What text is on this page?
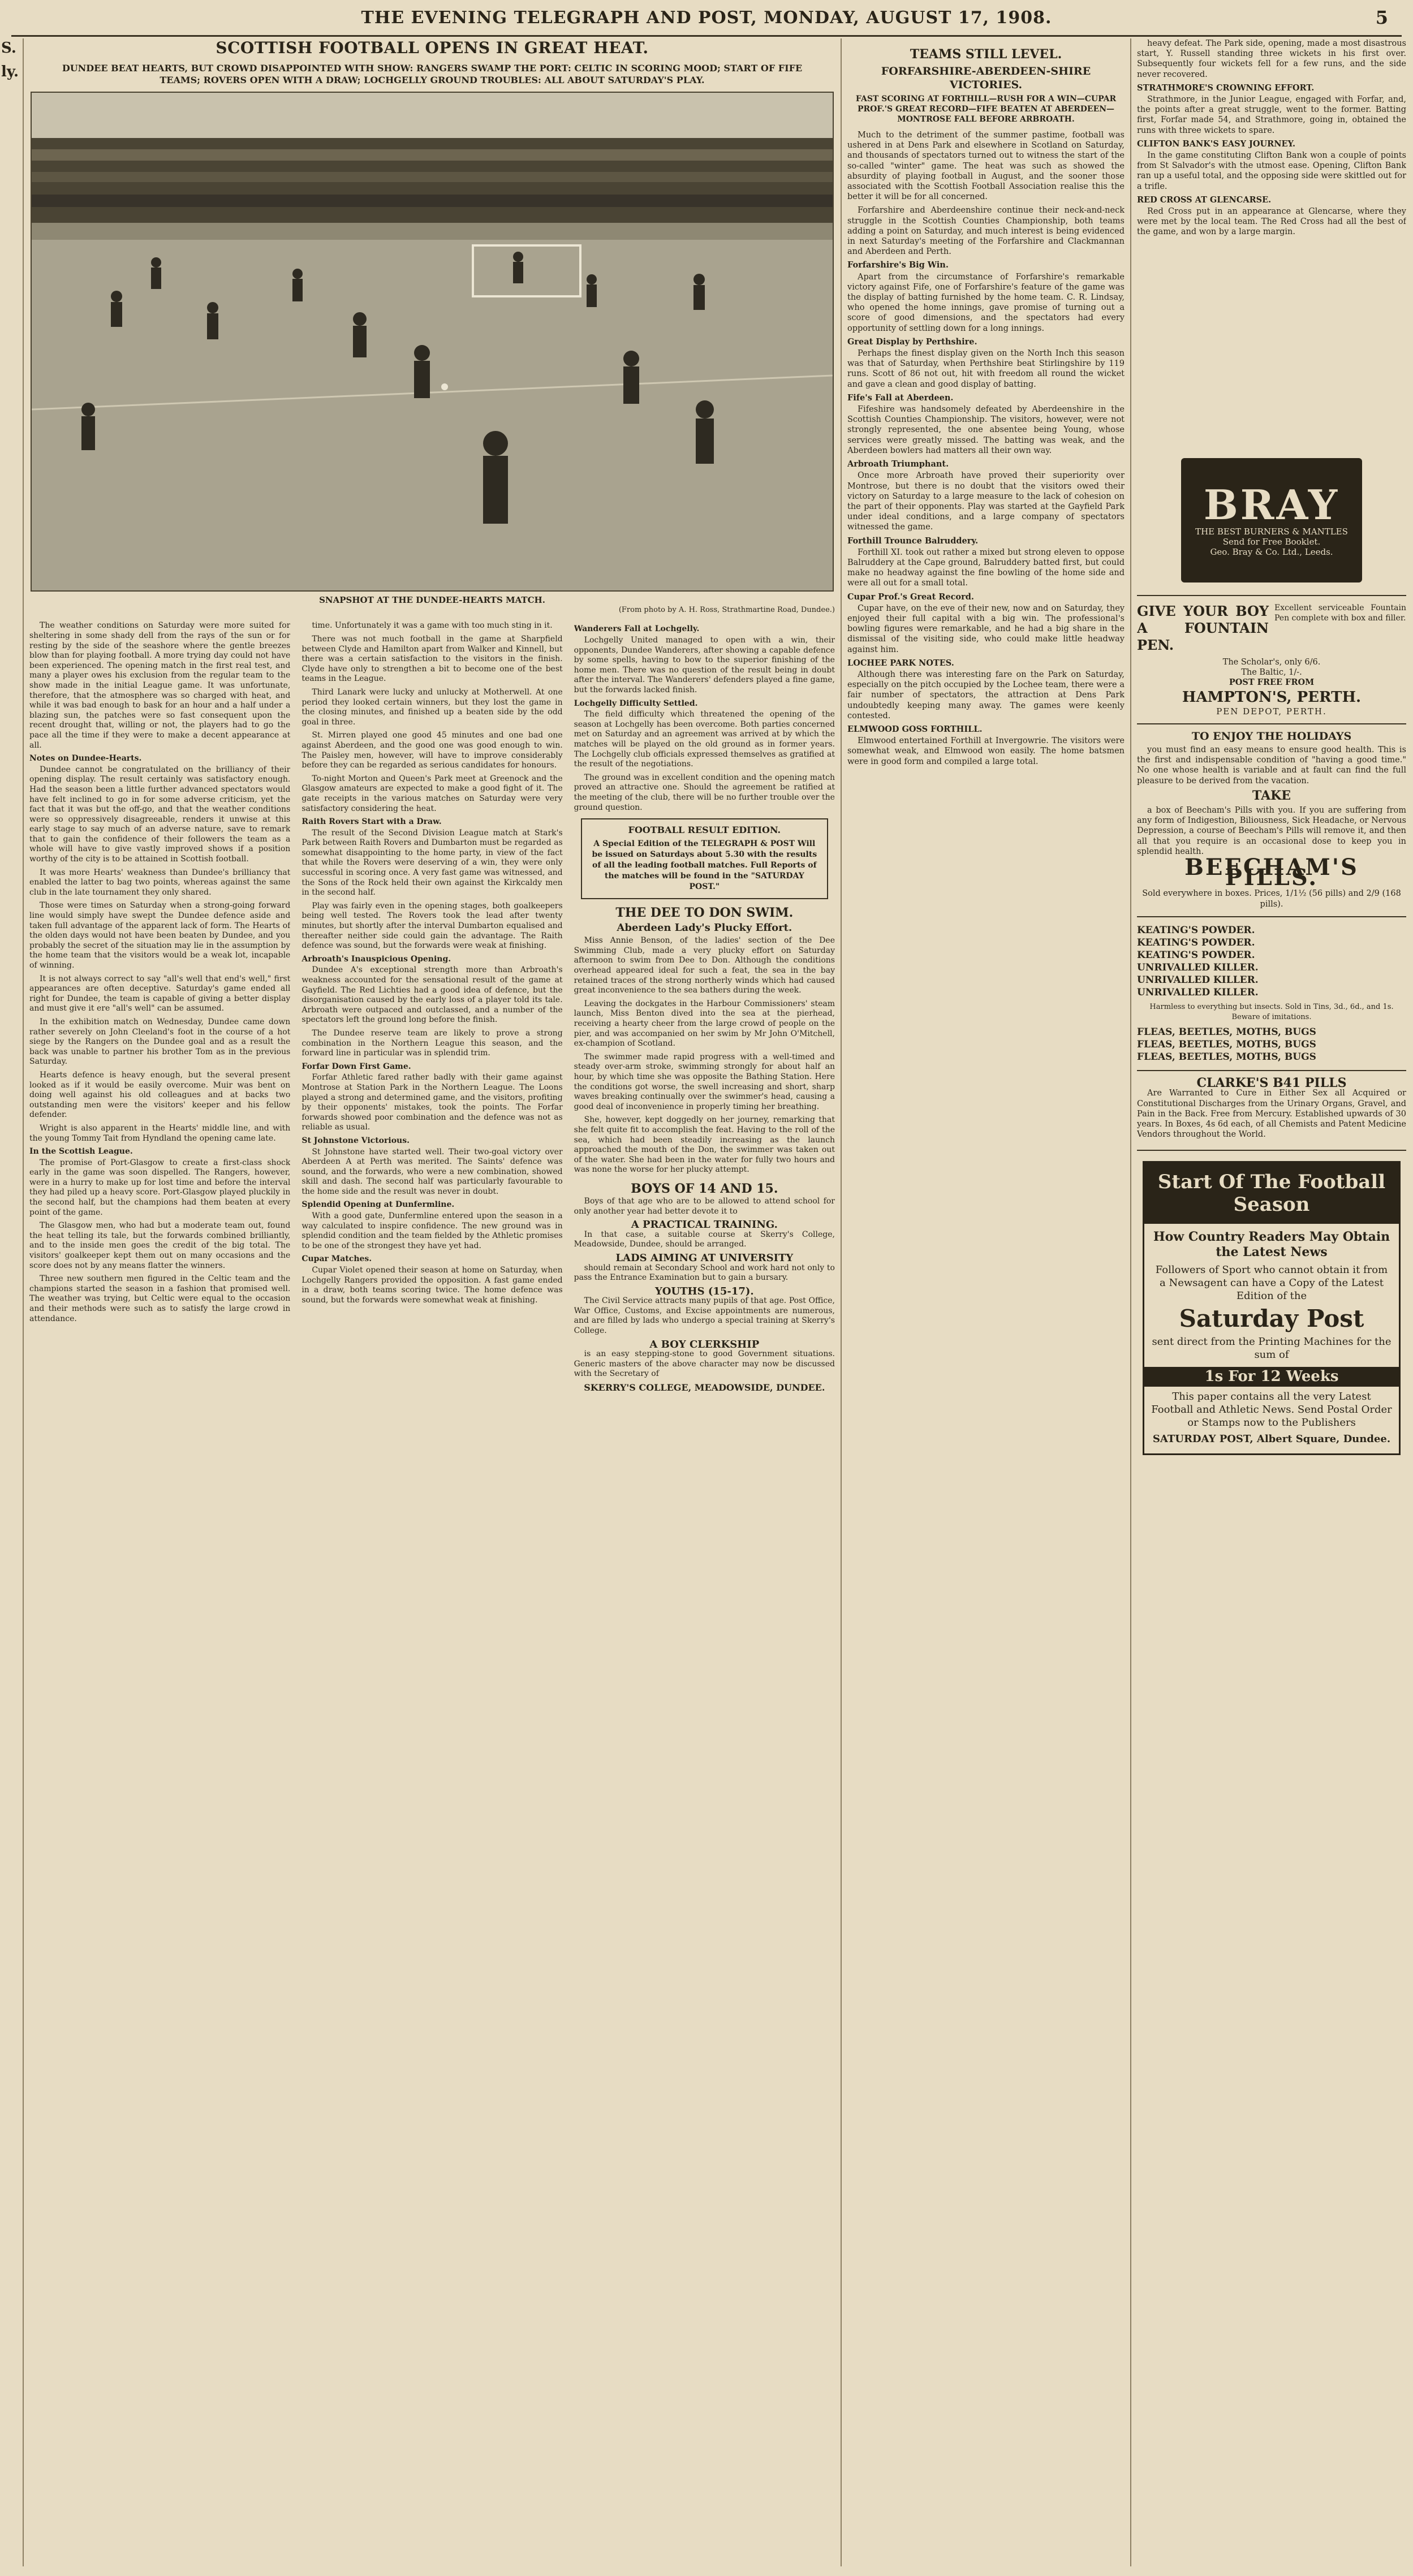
THE EVENING TELEGRAPH AND POST, MONDAY, AUGUST 17, 1908.	5
S.
ly.
SCOTTISH FOOTBALL OPENS IN GREAT HEAT.
DUNDEE BEAT HEARTS, BUT CROWD DISAPPOINTED WITH SHOW: RANGERS SWAMP THE PORT: CELTIC IN SCORING MOOD; START OF FIFE TEAMS; ROVERS OPEN WITH A DRAW; LOCHGELLY GROUND TROUBLES: ALL ABOUT SATURDAY'S PLAY.
SNAPSHOT AT THE DUNDEE-HEARTS MATCH.
(From photo by A. H. Ross, Strathmartine Road, Dundee.)

The weather conditions on Saturday were more suited for sheltering in some shady dell from the rays of the sun or for resting by the side of the seashore where the gentle breezes blow than for playing football. A more trying day could not have been experienced. The opening match in the first real test, and many a player owes his exclusion from the regular team to the show made in the initial League game. It was unfortunate, therefore, that the atmosphere was so charged with heat, and while it was bad enough to bask for an hour and a half under a blazing sun, the patches were so fast consequent upon the recent drought that, willing or not, the players had to go the pace all the time if they were to make a decent appearance at all.

Notes on Dundee-Hearts.

Dundee cannot be congratulated on the brilliancy of their opening display. The result certainly was satisfactory enough. Had the season been a little further advanced spectators would have felt inclined to go in for some adverse criticism, yet the fact that it was but the off-go, and that the weather conditions were so oppressively disagreeable, renders it unwise at this early stage to say much of an adverse nature, save to remark that to gain the confidence of their followers the team as a whole will have to give vastly improved shows if a position worthy of the city is to be attained in Scottish football.

It was more Hearts' weakness than Dundee's brilliancy that enabled the latter to bag two points, whereas against the same club in the late tournament they only shared.

Those were times on Saturday when a strong-going forward line would simply have swept the Dundee defence aside and taken full advantage of the apparent lack of form. The Hearts of the olden days would not have been beaten by Dundee, and you probably the secret of the situation may lie in the assumption by the home team that the visitors would be a weak lot, incapable of winning.

It is not always correct to say "all's well that end's well," first appearances are often deceptive. Saturday's game ended all right for Dundee, the team is capable of giving a better display and must give it ere "all's well" can be assumed.

In the exhibition match on Wednesday, Dundee came down rather severely on John Cleeland's foot in the course of a hot siege by the Rangers on the Dundee goal and as a result the back was unable to partner his brother Tom as in the previous Saturday.

Hearts defence is heavy enough, but the several present looked as if it would be easily overcome. Muir was bent on doing well against his old colleagues and at backs two outstanding men were the visitors' keeper and his fellow defender.

Wright is also apparent in the Hearts' middle line, and with the young Tommy Tait from Hyndland the opening came late.

In the Scottish League.

The promise of Port-Glasgow to create a first-class shock early in the game was soon dispelled. The Rangers, however, were in a hurry to make up for lost time and before the interval they had piled up a heavy score. Port-Glasgow played pluckily in the second half, but the champions had them beaten at every point of the game.

The Glasgow men, who had but a moderate team out, found the heat telling its tale, but the forwards combined brilliantly, and to the inside men goes the credit of the big total. The visitors' goalkeeper kept them out on many occasions and the score does not by any means flatter the winners.

Three new southern men figured in the Celtic team and the champions started the season in a fashion that promised well. The weather was trying, but Celtic were equal to the occasion and their methods were such as to satisfy the large crowd in attendance.

time. Unfortunately it was a game with too much sting in it.

There was not much football in the game at Sharpfield between Clyde and Hamilton apart from Walker and Kinnell, but there was a certain satisfaction to the visitors in the finish. Clyde have only to strengthen a bit to become one of the best teams in the League.

Third Lanark were lucky and unlucky at Motherwell. At one period they looked certain winners, but they lost the game in the closing minutes, and finished up a beaten side by the odd goal in three.

St. Mirren played one good 45 minutes and one bad one against Aberdeen, and the good one was good enough to win. The Paisley men, however, will have to improve considerably before they can be regarded as serious candidates for honours.

To-night Morton and Queen's Park meet at Greenock and the Glasgow amateurs are expected to make a good fight of it. The gate receipts in the various matches on Saturday were very satisfactory considering the heat.

Raith Rovers Start with a Draw.

The result of the Second Division League match at Stark's Park between Raith Rovers and Dumbarton must be regarded as somewhat disappointing to the home party, in view of the fact that while the Rovers were deserving of a win, they were only successful in scoring once. A very fast game was witnessed, and the Sons of the Rock held their own against the Kirkcaldy men in the second half.

Play was fairly even in the opening stages, both goalkeepers being well tested. The Rovers took the lead after twenty minutes, but shortly after the interval Dumbarton equalised and thereafter neither side could gain the advantage. The Raith defence was sound, but the forwards were weak at finishing.

Arbroath's Inauspicious Opening.

Dundee A's exceptional strength more than Arbroath's weakness accounted for the sensational result of the game at Gayfield. The Red Lichties had a good idea of defence, but the disorganisation caused by the early loss of a player told its tale. Arbroath were outpaced and outclassed, and a number of the spectators left the ground long before the finish.

The Dundee reserve team are likely to prove a strong combination in the Northern League this season, and the forward line in particular was in splendid trim.

Forfar Down First Game.

Forfar Athletic fared rather badly with their game against Montrose at Station Park in the Northern League. The Loons played a strong and determined game, and the visitors, profiting by their opponents' mistakes, took the points. The Forfar forwards showed poor combination and the defence was not as reliable as usual.

St Johnstone Victorious.

St Johnstone have started well. Their two-goal victory over Aberdeen A at Perth was merited. The Saints' defence was sound, and the forwards, who were a new combination, showed skill and dash. The second half was particularly favourable to the home side and the result was never in doubt.

Splendid Opening at Dunfermline.

With a good gate, Dunfermline entered upon the season in a way calculated to inspire confidence. The new ground was in splendid condition and the team fielded by the Athletic promises to be one of the strongest they have yet had.

Cupar Matches.

Cupar Violet opened their season at home on Saturday, when Lochgelly Rangers provided the opposition. A fast game ended in a draw, both teams scoring twice. The home defence was sound, but the forwards were somewhat weak at finishing.

Wanderers Fall at Lochgelly.

Lochgelly United managed to open with a win, their opponents, Dundee Wanderers, after showing a capable defence by some spells, having to bow to the superior finishing of the home men. There was no question of the result being in doubt after the interval. The Wanderers' defenders played a fine game, but the forwards lacked finish.

Lochgelly Difficulty Settled.

The field difficulty which threatened the opening of the season at Lochgelly has been overcome. Both parties concerned met on Saturday and an agreement was arrived at by which the matches will be played on the old ground as in former years. The Lochgelly club officials expressed themselves as gratified at the result of the negotiations.

The ground was in excellent condition and the opening match proved an attractive one. Should the agreement be ratified at the meeting of the club, there will be no further trouble over the ground question.

FOOTBALL RESULT EDITION.
A Special Edition of the TELEGRAPH & POST Will be issued on Saturdays about 5.30 with the results of all the leading football matches. Full Reports of the matches will be found in the "SATURDAY POST."
THE DEE TO DON SWIM.
Aberdeen Lady's Plucky Effort.

Miss Annie Benson, of the ladies' section of the Dee Swimming Club, made a very plucky effort on Saturday afternoon to swim from Dee to Don. Although the conditions overhead appeared ideal for such a feat, the sea in the bay retained traces of the strong northerly winds which had caused great inconvenience to the sea bathers during the week.

Leaving the dockgates in the Harbour Commissioners' steam launch, Miss Benton dived into the sea at the pierhead, receiving a hearty cheer from the large crowd of people on the pier, and was accompanied on her swim by Mr John O'Mitchell, ex-champion of Scotland.

The swimmer made rapid progress with a well-timed and steady over-arm stroke, swimming strongly for about half an hour, by which time she was opposite the Bathing Station. Here the conditions got worse, the swell increasing and short, sharp waves breaking continually over the swimmer's head, causing a good deal of inconvenience in properly timing her breathing.

She, however, kept doggedly on her journey, remarking that she felt quite fit to accomplish the feat. Having to the roll of the sea, which had been steadily increasing as the launch approached the mouth of the Don, the swimmer was taken out of the water. She had been in the water for fully two hours and was none the worse for her plucky attempt.

BOYS OF 14 AND 15.

Boys of that age who are to be allowed to attend school for only another year had better devote it to

A PRACTICAL TRAINING.

In that case, a suitable course at Skerry's College, Meadowside, Dundee, should be arranged.

LADS AIMING AT UNIVERSITY

should remain at Secondary School and work hard not only to pass the Entrance Examination but to gain a bursary.

YOUTHS (15-17).

The Civil Service attracts many pupils of that age. Post Office, War Office, Customs, and Excise appointments are numerous, and are filled by lads who undergo a special training at Skerry's College.

A BOY CLERKSHIP

is an easy stepping-stone to good Government situations. Generic masters of the above character may now be discussed with the Secretary of

SKERRY'S COLLEGE, MEADOWSIDE, DUNDEE.
TEAMS STILL LEVEL.
FORFARSHIRE-ABERDEEN-SHIRE VICTORIES.
FAST SCORING AT FORTHILL—RUSH FOR A WIN—CUPAR PROF.'S GREAT RECORD—FIFE BEATEN AT ABERDEEN—MONTROSE FALL BEFORE ARBROATH.

Much to the detriment of the summer pastime, football was ushered in at Dens Park and elsewhere in Scotland on Saturday, and thousands of spectators turned out to witness the start of the so-called "winter" game. The heat was such as showed the absurdity of playing football in August, and the sooner those associated with the Scottish Football Association realise this the better it will be for all concerned.

Forfarshire and Aberdeenshire continue their neck-and-neck struggle in the Scottish Counties Championship, both teams adding a point on Saturday, and much interest is being evidenced in next Saturday's meeting of the Forfarshire and Clackmannan and Aberdeen and Perth.

Forfarshire's Big Win.

Apart from the circumstance of Forfarshire's remarkable victory against Fife, one of Forfarshire's feature of the game was the display of batting furnished by the home team. C. R. Lindsay, who opened the home innings, gave promise of turning out a score of good dimensions, and the spectators had every opportunity of settling down for a long innings.

Great Display by Perthshire.

Perhaps the finest display given on the North Inch this season was that of Saturday, when Perthshire beat Stirlingshire by 119 runs. Scott of 86 not out, hit with freedom all round the wicket and gave a clean and good display of batting.

Fife's Fall at Aberdeen.

Fifeshire was handsomely defeated by Aberdeenshire in the Scottish Counties Championship. The visitors, however, were not strongly represented, the one absentee being Young, whose services were greatly missed. The batting was weak, and the Aberdeen bowlers had matters all their own way.

Arbroath Triumphant.

Once more Arbroath have proved their superiority over Montrose, but there is no doubt that the visitors owed their victory on Saturday to a large measure to the lack of cohesion on the part of their opponents. Play was started at the Gayfield Park under ideal conditions, and a large company of spectators witnessed the game.

Forthill Trounce Balruddery.

Forthill XI. took out rather a mixed but strong eleven to oppose Balruddery at the Cape ground, Balruddery batted first, but could make no headway against the fine bowling of the home side and were all out for a small total.

Cupar Prof.'s Great Record.

Cupar have, on the eve of their new, now and on Saturday, they enjoyed their full capital with a big win. The professional's bowling figures were remarkable, and he had a big share in the dismissal of the visiting side, who could make little headway against him.

LOCHEE PARK NOTES.

Although there was interesting fare on the Park on Saturday, especially on the pitch occupied by the Lochee team, there were a fair number of spectators, the attraction at Dens Park undoubtedly keeping many away. The games were keenly contested.

ELMWOOD GOSS FORTHILL.

Elmwood entertained Forthill at Invergowrie. The visitors were somewhat weak, and Elmwood won easily. The home batsmen were in good form and compiled a large total.

heavy defeat. The Park side, opening, made a most disastrous start, Y. Russell standing three wickets in his first over. Subsequently four wickets fell for a few runs, and the side never recovered.

STRATHMORE'S CROWNING EFFORT.

Strathmore, in the Junior League, engaged with Forfar, and, the points after a great struggle, went to the former. Batting first, Forfar made 54, and Strathmore, going in, obtained the runs with three wickets to spare.

CLIFTON BANK'S EASY JOURNEY.

In the game constituting Clifton Bank won a couple of points from St Salvador's with the utmost ease. Opening, Clifton Bank ran up a useful total, and the opposing side were skittled out for a trifle.

RED CROSS AT GLENCARSE.

Red Cross put in an appearance at Glencarse, where they were met by the local team. The Red Cross had all the best of the game, and won by a large margin.

BRAY
THE BEST BURNERS & MANTLES
Send for Free Booklet.
Geo. Bray & Co. Ltd., Leeds.
GIVE YOUR BOY A FOUNTAIN PEN.
Excellent serviceable Fountain Pen complete with box and filler.
The Scholar's, only 6/6.
The Baltic, 1/-.
POST FREE FROM
HAMPTON'S, PERTH.
PEN DEPOT, PERTH.
TO ENJOY THE HOLIDAYS

you must find an easy means to ensure good health. This is the first and indispensable condition of "having a good time." No one whose health is variable and at fault can find the full pleasure to be derived from the vacation.

TAKE

a box of Beecham's Pills with you. If you are suffering from any form of Indigestion, Biliousness, Sick Headache, or Nervous Depression, a course of Beecham's Pills will remove it, and then all that you require is an occasional dose to keep you in splendid health.

BEECHAM'S PILLS.
Sold everywhere in boxes. Prices, 1/1½ (56 pills) and 2/9 (168 pills).
KEATING'S POWDER.
KEATING'S POWDER.
KEATING'S POWDER.
UNRIVALLED KILLER.
UNRIVALLED KILLER.
UNRIVALLED KILLER.
Harmless to everything but insects. Sold in Tins, 3d., 6d., and 1s. Beware of imitations.
FLEAS, BEETLES, MOTHS, BUGS
FLEAS, BEETLES, MOTHS, BUGS
FLEAS, BEETLES, MOTHS, BUGS
CLARKE'S B41 PILLS

Are Warranted to Cure in Either Sex all Acquired or Constitutional Discharges from the Urinary Organs, Gravel, and Pain in the Back. Free from Mercury. Established upwards of 30 years. In Boxes, 4s 6d each, of all Chemists and Patent Medicine Vendors throughout the World.

Start Of The Football Season
How Country Readers May Obtain the Latest News
Followers of Sport who cannot obtain it from a Newsagent can have a Copy of the Latest Edition of the
Saturday Post
sent direct from the Printing Machines for the sum of
1s For 12 Weeks
This paper contains all the very Latest Football and Athletic News. Send Postal Order or Stamps now to the Publishers
SATURDAY POST, Albert Square, Dundee.
